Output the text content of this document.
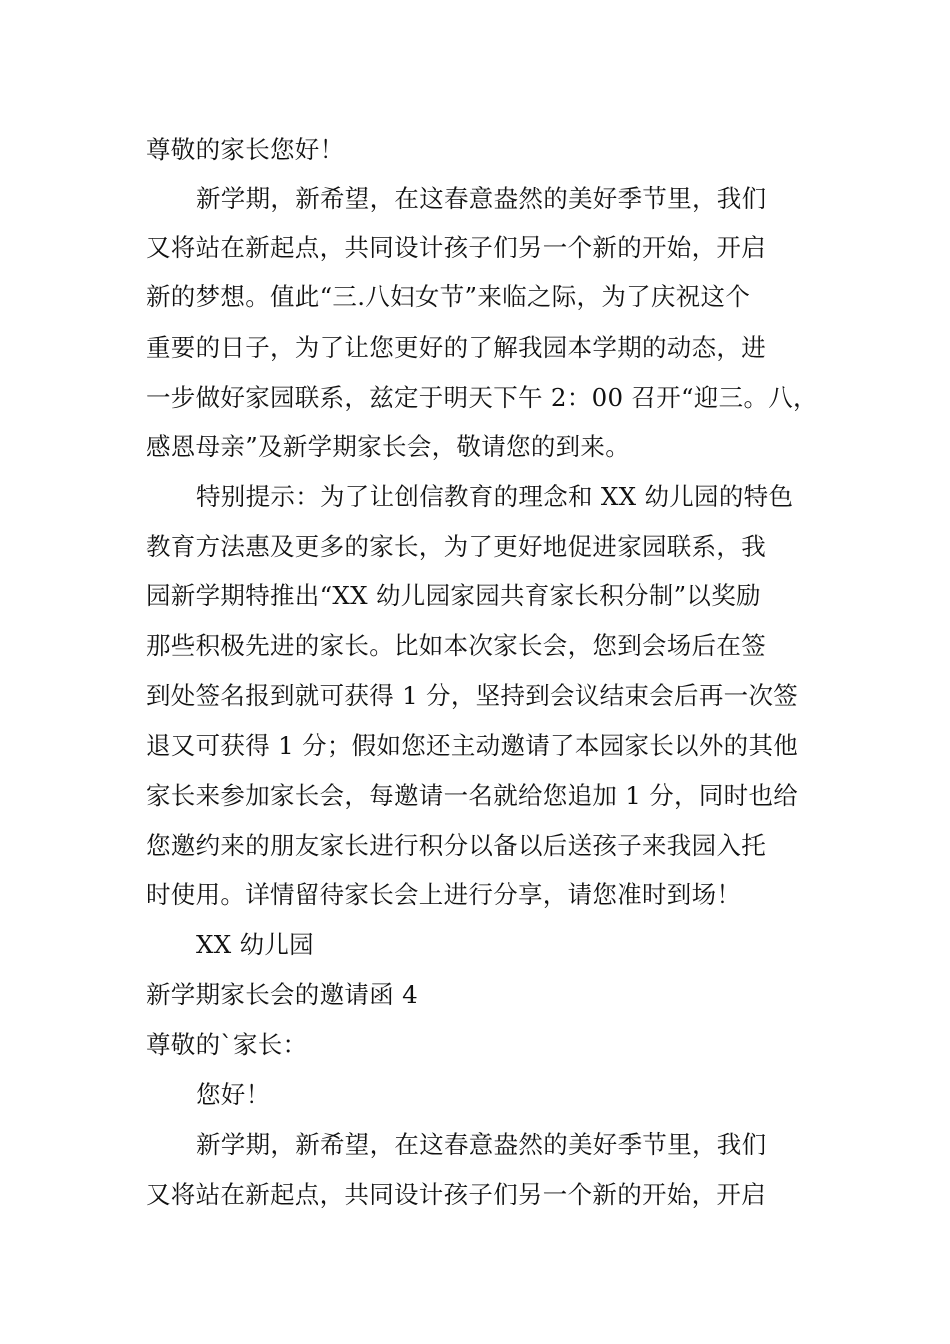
尊敬的家长您好！
新学期，新希望，在这春意盎然的美好季节里，我们
又将站在新起点，共同设计孩子们另一个新的开始，开启
新的梦想。值此“三.八妇女节”来临之际，为了庆祝这个
重要的日子，为了让您更好的了解我园本学期的动态，进
一步做好家园联系，兹定于明天下午 2：00 召开“迎三。八，
感恩母亲”及新学期家长会，敬请您的到来。
特别提示：为了让创信教育的理念和 XX 幼儿园的特色
教育方法惠及更多的家长，为了更好地促进家园联系，我
园新学期特推出“XX 幼儿园家园共育家长积分制”以奖励
那些积极先进的家长。比如本次家长会，您到会场后在签
到处签名报到就可获得 1 分，坚持到会议结束会后再一次签
退又可获得 1 分；假如您还主动邀请了本园家长以外的其他
家长来参加家长会，每邀请一名就给您追加 1 分，同时也给
您邀约来的朋友家长进行积分以备以后送孩子来我园入托
时使用。详情留待家长会上进行分享，请您准时到场！
XX 幼儿园
新学期家长会的邀请函 4
尊敬的`家长：
您好！
新学期，新希望，在这春意盎然的美好季节里，我们
又将站在新起点，共同设计孩子们另一个新的开始，开启
